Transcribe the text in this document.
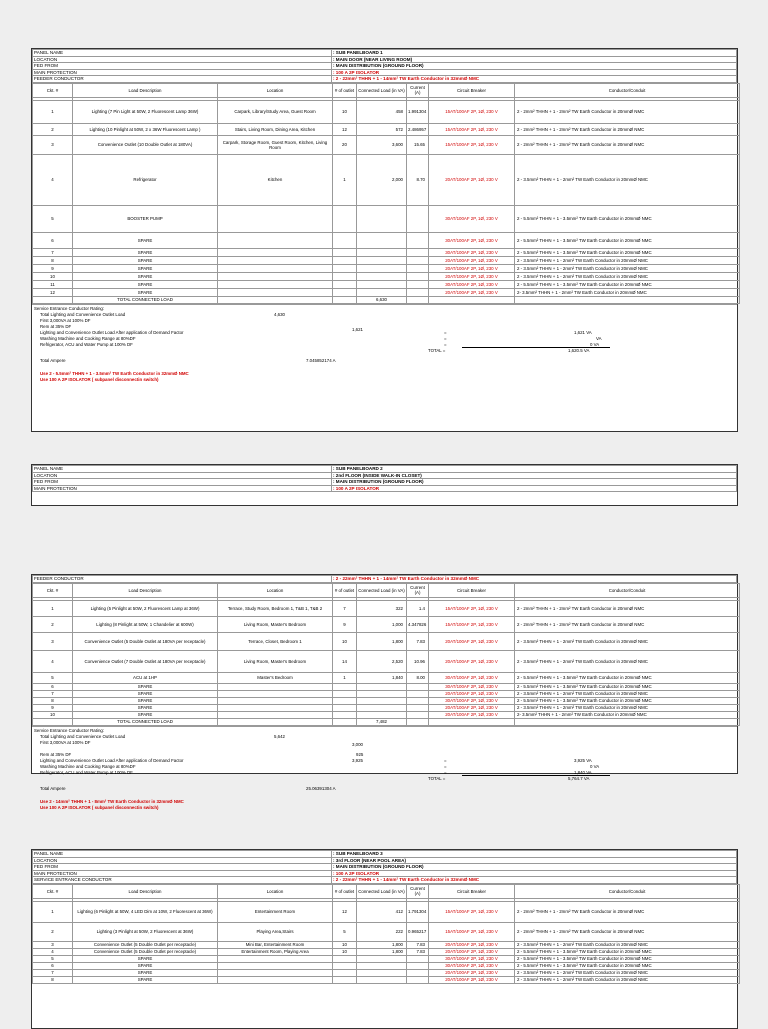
PANEL NAME	: SUB PANELBOARD 1
LOCATION	: MAIN DOOR (NEAR LIVING ROOM)
FED FROM	: MAIN DISTRIBUTION (GROUND FLOOR)
MAIN PROTECTION	: 100 A 2P ISOLATOR
FEEDER CONDUCTOR	: 2 - 22mm² THHN + 1 - 14mm² TW Earth Conductor in 32mmØ NMC
Ckt. #	Load Description	Location	# of outlet	Connected Load (in VA)	Current (A)	Circuit Breaker	Conductor/Conduit

1	Lighting (7 Pin Light at 50W, 2 Fluorescent Lamp 36W)	Carpark, Library/Study Area, Guest Room	10	458	1.991304	15AT/100AF 2P, 1Ø, 230 V	2 - 2mm² THHN + 1 - 2mm² TW Earth Conductor in 20mmØ NMC
2	Lighting (10 Pinlight at 50W, 2 x 36W Fluorescent Lamp )	Stairs, Living Room, Dining Area, Kitchen	12	572	2.486957	15AT/100AF 2P, 1Ø, 230 V	2 - 2mm² THHN + 1 - 2mm² TW Earth Conductor in 20mmØ NMC
3	Convenience Outlet (10 Double Outlet at 180VA)	Carpark, Storage Room, Guest Room, Kitchen, Living Room	20	3,600	15.65	15AT/100AF 2P, 1Ø, 230 V	2 - 2mm² THHN + 1 - 2mm² TW Earth Conductor in 20mmØ NMC
4	Refrigerator	Kitchen	1	2,000	8.70	20AT/100AF 2P, 1Ø, 230 V	2 - 3.5mm² THHN + 1 - 2mm² TW Earth Conductor in 20mmØ NMC
5	BOOSTER PUMP					30AT/100AF 2P, 1Ø, 230 V	2 - 5.5mm² THHN + 1 - 3.5mm² TW Earth Conductor in 20mmØ NMC
6	SPARE					30AT/100AF 2P, 1Ø, 230 V	2 - 5.5mm² THHN + 1 - 3.5mm² TW Earth Conductor in 20mmØ NMC
7	SPARE					30AT/100AF 2P, 1Ø, 230 V	2 - 5.5mm² THHN + 1 - 3.5mm² TW Earth Conductor in 20mmØ NMC
8	SPARE					20AT/100AF 2P, 1Ø, 230 V	2 - 3.5mm² THHN + 1 - 2mm² TW Earth Conductor in 20mmØ NMC
9	SPARE					20AT/100AF 2P, 1Ø, 230 V	2 - 3.5mm² THHN + 1 - 2mm² TW Earth Conductor in 20mmØ NMC
10	SPARE					20AT/100AF 2P, 1Ø, 230 V	2 - 3.5mm² THHN + 1 - 2mm² TW Earth Conductor in 20mmØ NMC
11	SPARE					30AT/100AF 2P, 1Ø, 230 V	2 - 5.5mm² THHN + 1 - 3.5mm² TW Earth Conductor in 20mmØ NMC
12	SPARE					20AT/100AF 2P, 1Ø, 230 V	2- 3.5mm² THHN + 1 - 2mm² TW Earth Conductor in 20mmØ NMC
	TOTAL CONNECTED LOAD			6,630			
Service Entrance Conductor Rating:
Total Lighting and Convenience Outlet Load	4,630
First 3,000VA at 100% DF
Rem at 35% DF
1,621
Lighting and Convenience Outlet Load After application of Demand Factor
Washing Machine and Cooking Range at 80%DF
Refrigerator, ACU and Water Pump at 100% DF
=	1,621 VA
=	VA
=	0 VA
TOTAL =	1,620.5 VA
Total Ampere	7.045852174 A
Use 2 - 5.5mm² THHN + 1 - 3.5mm² TW Earth Conductor in 32mmØ NMC
Use 100 A 2P ISOLATOR ( subpanel disconnectin switch)
PANEL NAME	: SUB PANELBOARD 2
LOCATION	: 2nd FLOOR (INSIDE WALK-IN CLOSET)
FED FROM	: MAIN DISTRIBUTION (GROUND FLOOR)
MAIN PROTECTION	: 100 A 2P ISOLATOR
FEEDER CONDUCTOR	: 2 - 22mm² THHN + 1 - 14mm² TW Earth Conductor in 32mmØ NMC
Ckt. #	Load Description	Location	# of outlet	Connected Load (in VA)	Current (A)	Circuit Breaker	Conductor/Conduit

1	Lighting (5 Pinlight at 50W, 2 Fluorescent Lamp at 36W)	Terrace, Study Room, Bedroom 1, T&B 1, T&B 2	7	322	1.4	15AT/100AF 2P, 1Ø, 230 V	2 - 2mm² THHN + 1 - 2mm² TW Earth Conductor in 20mmØ NMC
2	Lighting (8 Pinlight at 50W, 1 Chandelier at 600W)	Living Room, Master's Bedroom	9	1,000	4.347826	15AT/100AF 2P, 1Ø, 230 V	2 - 2mm² THHN + 1 - 2mm² TW Earth Conductor in 20mmØ NMC
3	Convenience Outlet (5 Double Outlet at 180VA per receptacle)	Terrace, Closet, Bedroom 1	10	1,800	7.83	20AT/100AF 2P, 1Ø, 230 V	2 - 3.5mm² THHN + 1 - 2mm² TW Earth Conductor in 20mmØ NMC
4	Convenience Outlet (7 Double Outlet at 180VA per receptacle)	Living Room, Master's Bedroom	14	2,520	10.96	20AT/100AF 2P, 1Ø, 230 V	2 - 3.5mm² THHN + 1 - 2mm² TW Earth Conductor in 20mmØ NMC
5	ACU at 1HP	Master's Bedroom	1	1,840	8.00	30AT/100AF 2P, 1Ø, 230 V	2 - 5.5mm² THHN + 1 - 3.5mm² TW Earth Conductor in 20mmØ NMC
6	SPARE					30AT/100AF 2P, 1Ø, 230 V	2 - 5.5mm² THHN + 1 - 3.5mm² TW Earth Conductor in 20mmØ NMC
7	SPARE					20AT/100AF 2P, 1Ø, 230 V	2 - 3.5mm² THHN + 1 - 2mm² TW Earth Conductor in 20mmØ NMC
8	SPARE					30AT/100AF 2P, 1Ø, 230 V	2 - 5.5mm² THHN + 1 - 3.5mm² TW Earth Conductor in 20mmØ NMC
9	SPARE					20AT/100AF 2P, 1Ø, 230 V	2 - 3.5mm² THHN + 1 - 2mm² TW Earth Conductor in 20mmØ NMC
10	SPARE					20AT/100AF 2P, 1Ø, 230 V	2- 3.5mm² THHN + 1 - 2mm² TW Earth Conductor in 20mmØ NMC
	TOTAL CONNECTED LOAD			7,482			
Service Entrance Conductor Rating:
Total Lighting and Convenience Outlet Load	5,642
First 3,000VA at 100% DF	3,000
Rem at 35% DF	925
Lighting and Convenience Outlet Load After application of Demand Factor	3,925
Washing Machine and Cooking Range at 80%DF
Refrigerator, ACU and Water Pump at 100% DF
=	3,925 VA
=	0 VA
=	1,840 VA
TOTAL =	5,764.7 VA
Total Ampere	25.06391304 A
Use 2 - 14mm² THHN + 1 - 8mm² TW Earth Conductor in 32mmØ NMC
Use 100 A 2P ISOLATOR ( subpanel disconnectin switch)
PANEL NAME	: SUB PANELBOARD 3
LOCATION	: 3rd FLOOR (NEAR POOL AREA)
FED FROM	: MAIN DISTRIBUTION (GROUND FLOOR)
MAIN PROTECTION	: 100 A 2P ISOLATOR
SERVICE ENTRANCE CONDUCTOR	: 2 - 22mm² THHN + 1 - 14mm² TW Earth Conductor in 32mmØ NMC
Ckt. #	Load Description	Location	# of outlet	Connected Load (in VA)	Current (A)	Circuit Breaker	Conductor/Conduit

1	Lighting (6 Pinlight at 50W, 4 LED Dim at 10W, 2 Fluorescent at 36W)	Entertainment Room	12	412	1.791304	15AT/100AF 2P, 1Ø, 230 V	2 - 2mm² THHN + 1 - 2mm² TW Earth Conductor in 20mmØ NMC
2	Lighting (3 Pinlight at 50W, 2 Fluorescent at 36W)	Playing Area,Stairs	5	222	0.965217	15AT/100AF 2P, 1Ø, 230 V	2 - 2mm² THHN + 1 - 2mm² TW Earth Conductor in 20mmØ NMC
3	Convenience Outlet (5 Double Outlet per receptacle)	Mini Bar, Entertainment Room	10	1,800	7.83	20AT/100AF 2P, 1Ø, 230 V	2 - 3.5mm² THHN + 1 - 2mm² TW Earth Conductor in 20mmØ NMC
4	Convenience Outlet (5 Double Outlet per receptacle)	Entertainment Room, Playing Area	10	1,800	7.83	20AT/100AF 2P, 1Ø, 230 V	2 - 5.5mm² THHN + 1 - 3.5mm² TW Earth Conductor in 20mmØ NMC
5	SPARE					30AT/100AF 2P, 1Ø, 230 V	2 - 5.5mm² THHN + 1 - 3.5mm² TW Earth Conductor in 20mmØ NMC
6	SPARE					30AT/100AF 2P, 1Ø, 230 V	2 - 5.5mm² THHN + 1 - 3.5mm² TW Earth Conductor in 20mmØ NMC
7	SPARE					20AT/100AF 2P, 1Ø, 230 V	2 - 3.5mm² THHN + 1 - 2mm² TW Earth Conductor in 20mmØ NMC
8	SPARE					20AT/100AF 2P, 1Ø, 230 V	2 - 3.5mm² THHN + 1 - 2mm² TW Earth Conductor in 20mmØ NMC
